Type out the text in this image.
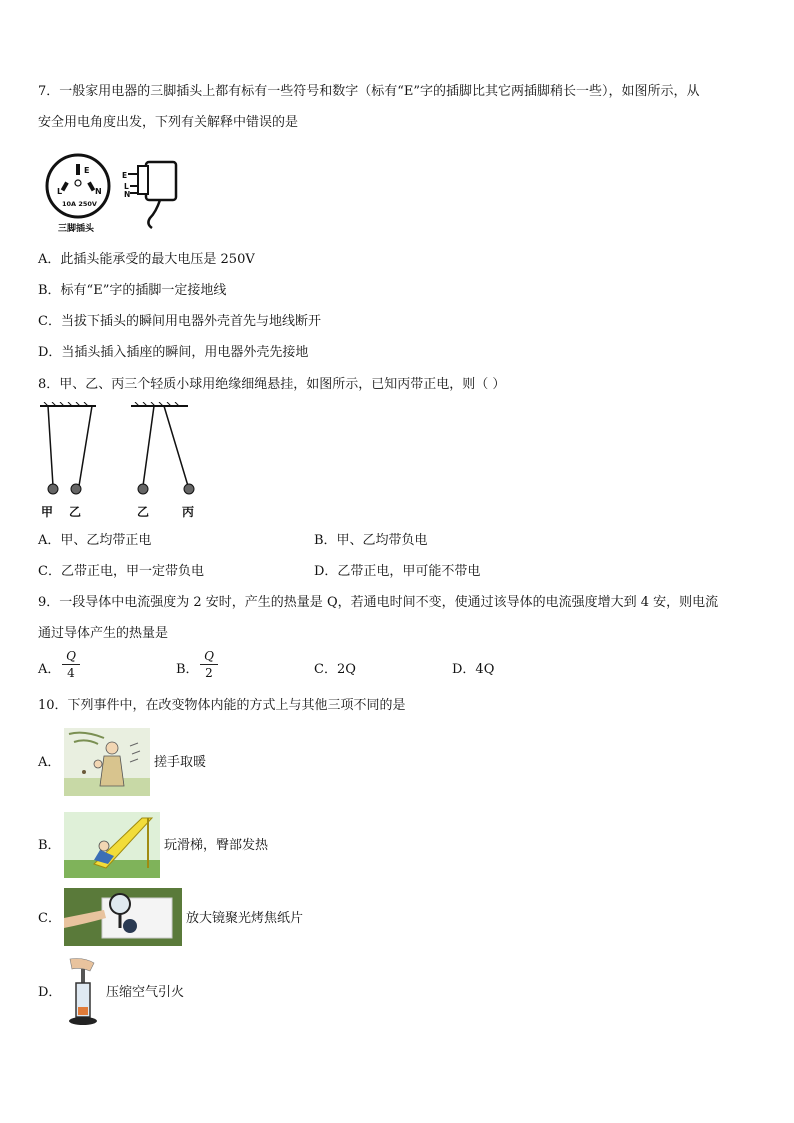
7．一般家用电器的三脚插头上都有标有一些符号和数字（标有“E”字的插脚比其它两插脚稍长一些），如图所示，从
安全用电角度出发，下列有关解释中错误的是
E
L	N
10A 250V
三脚插头
E
L
N
A．此插头能承受的最大电压是 250V
B．标有“E”字的插脚一定接地线
C．当拔下插头的瞬间用电器外壳首先与地线断开
D．当插头插入插座的瞬间，用电器外壳先接地
8．甲、乙、丙三个轻质小球用绝缘细绳悬挂，如图所示，已知丙带正电，则（ ）
甲 乙	乙	丙
A．甲、乙均带正电	B．甲、乙均带负电
C．乙带正电，甲一定带负电	D．乙带正电，甲可能不带电
9．一段导体中电流强度为 2 安时，产生的热量是 Q，若通电时间不变，使通过该导体的电流强度增大到 4 安，则电流
通过导体产生的热量是
A．
Q
4	B．
Q
2	C．2Q	D．4Q
10．下列事件中，在改变物体内能的方式上与其他三项不同的是
A．	搓手取暖
B．	玩滑梯，臀部发热
C．	放大镜聚光烤焦纸片
D．	压缩空气引火
